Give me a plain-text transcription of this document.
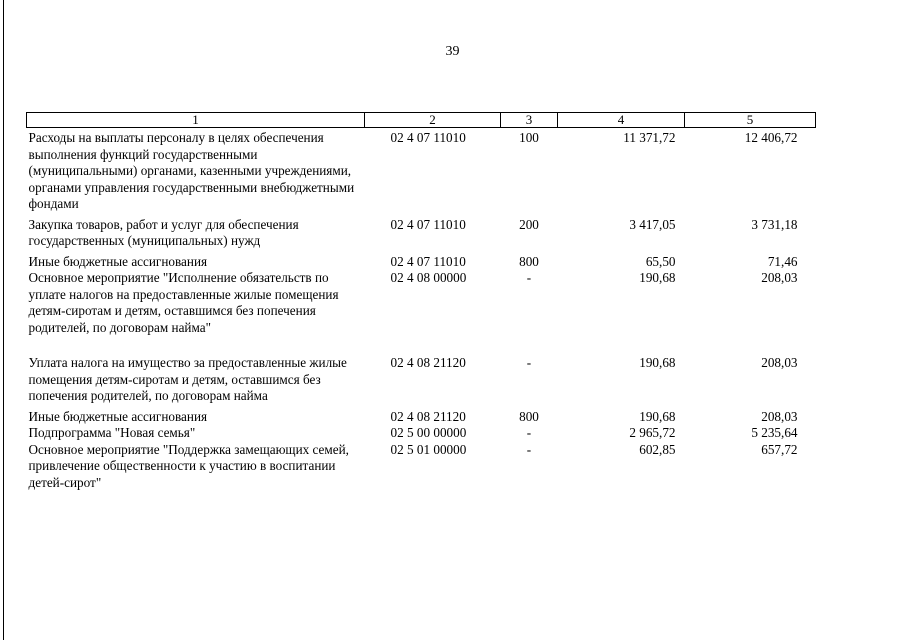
39
1	2	3	4	5
Расходы на выплаты персоналу в целях обеспечения выполнения функций государственными (муниципальными) органами, казенными учреждениями, органами управления государственными внебюджетными фондами	02 4 07 11010	100	11 371,72	12 406,72
Закупка товаров, работ и услуг для обеспечения государственных (муниципальных) нужд	02 4 07 11010	200	3 417,05	3 731,18
Иные бюджетные ассигнования	02 4 07 11010	800	65,50	71,46
Основное мероприятие "Исполнение обязательств по уплате налогов на предоставленные жилые помещения детям-сиротам и детям, оставшимся без попечения родителей, по договорам найма"	02 4 08 00000	-	190,68	208,03
Уплата налога на имущество за предоставленные жилые помещения детям-сиротам и детям, оставшимся без попечения родителей, по договорам найма	02 4 08 21120	-	190,68	208,03
Иные бюджетные ассигнования	02 4 08 21120	800	190,68	208,03
Подпрограмма "Новая семья"	02 5 00 00000	-	2 965,72	5 235,64
Основное мероприятие "Поддержка замещающих семей, привлечение общественности к участию в воспитании детей-сирот"	02 5 01 00000	-	602,85	657,72
